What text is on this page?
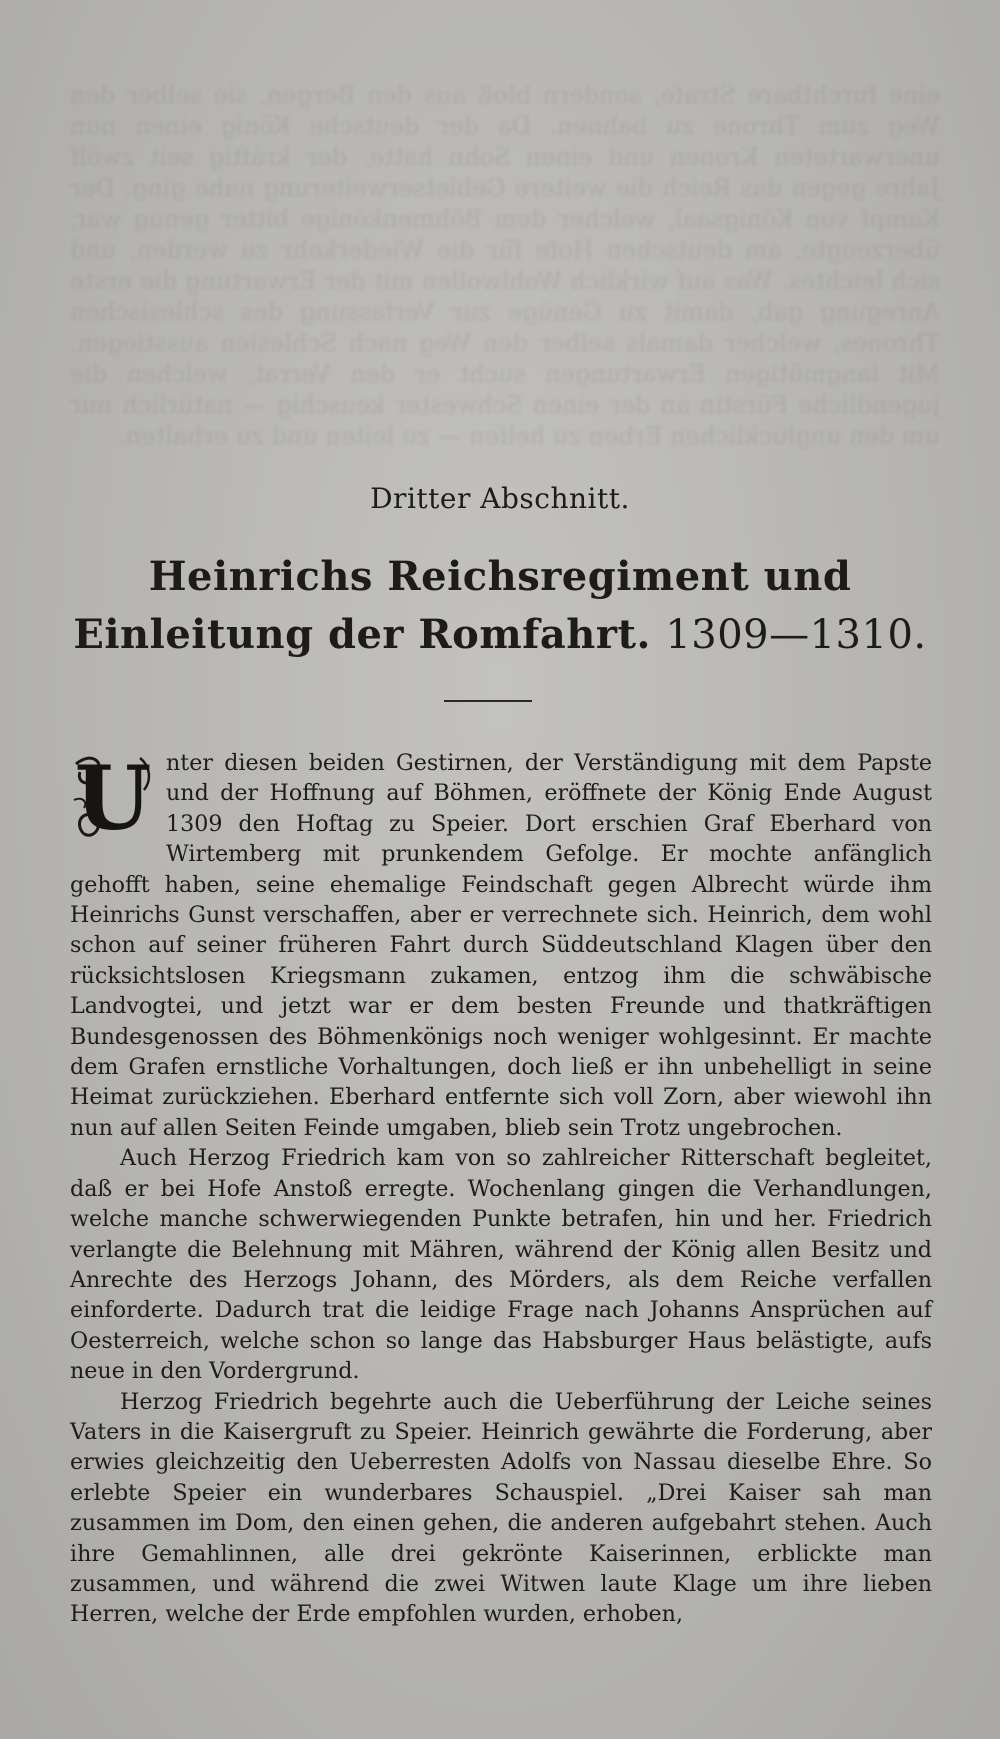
eine furchtbare Strafe, sondern bloß aus den Bergen, sie selber den Weg zum Throne zu bahnen. Da der deutsche König einen nun unerwarteten Kronen und einen Sohn hatte, der kräftig seit zwölf Jahre gegen das Reich die weitere Gebietserweiterung nahe ging. Der Kampf von Königsaal, welcher dem Böhmenkönige bitter genug war, überzeugte, am deutschen Hofe für die Wiederkehr zu werden, und sich leichtes. Was auf wirklich Wohlwollen mit der Erwartung die erste Anregung gab, damit zu Genüge zur Verfassung des schlesischen Thrones, welcher damals selber den Weg nach Schlesien ausstiegen. Mit langmütigen Erwartungen sucht er den Verrat, welchen die jugendliche Fürstin an der einen Schwester keuschig — natürlich nur um den unglücklichen Erben zu helfen — zu leiten und zu erhalten.
Dritter Abschnitt.
Heinrichs Reichsregiment und Einleitung der Romfahrt. 1309—1310.

U nter diesen beiden Gestirnen, der Verständigung mit dem Papste und der Hoffnung auf Böhmen, eröffnete der König Ende August 1309 den Hoftag zu Speier. Dort erschien Graf Eberhard von Wirtemberg mit prunkendem Gefolge. Er mochte anfänglich gehofft haben, seine ehemalige Feindschaft gegen Albrecht würde ihm Heinrichs Gunst verschaffen, aber er verrechnete sich. Heinrich, dem wohl schon auf seiner früheren Fahrt durch Süddeutschland Klagen über den rücksichtslosen Kriegsmann zukamen, entzog ihm die schwäbische Landvogtei, und jetzt war er dem besten Freunde und thatkräftigen Bundesgenossen des Böhmenkönigs noch weniger wohlgesinnt. Er machte dem Grafen ernstliche Vorhaltungen, doch ließ er ihn unbehelligt in seine Heimat zurückziehen. Eberhard entfernte sich voll Zorn, aber wiewohl ihn nun auf allen Seiten Feinde umgaben, blieb sein Trotz ungebrochen.

Auch Herzog Friedrich kam von so zahlreicher Ritterschaft begleitet, daß er bei Hofe Anstoß erregte. Wochenlang gingen die Verhandlungen, welche manche schwerwiegenden Punkte betrafen, hin und her. Friedrich verlangte die Belehnung mit Mähren, während der König allen Besitz und Anrechte des Herzogs Johann, des Mörders, als dem Reiche verfallen einforderte. Dadurch trat die leidige Frage nach Johanns Ansprüchen auf Oesterreich, welche schon so lange das Habsburger Haus belästigte, aufs neue in den Vordergrund.

Herzog Friedrich begehrte auch die Ueberführung der Leiche seines Vaters in die Kaisergruft zu Speier. Heinrich gewährte die Forderung, aber erwies gleichzeitig den Ueberresten Adolfs von Nassau dieselbe Ehre. So erlebte Speier ein wunderbares Schauspiel. „Drei Kaiser sah man zusammen im Dom, den einen gehen, die anderen aufgebahrt stehen. Auch ihre Gemahlinnen, alle drei gekrönte Kaiserinnen, erblickte man zusammen, und während die zwei Witwen laute Klage um ihre lieben Herren, welche der Erde empfohlen wurden, erhoben,
